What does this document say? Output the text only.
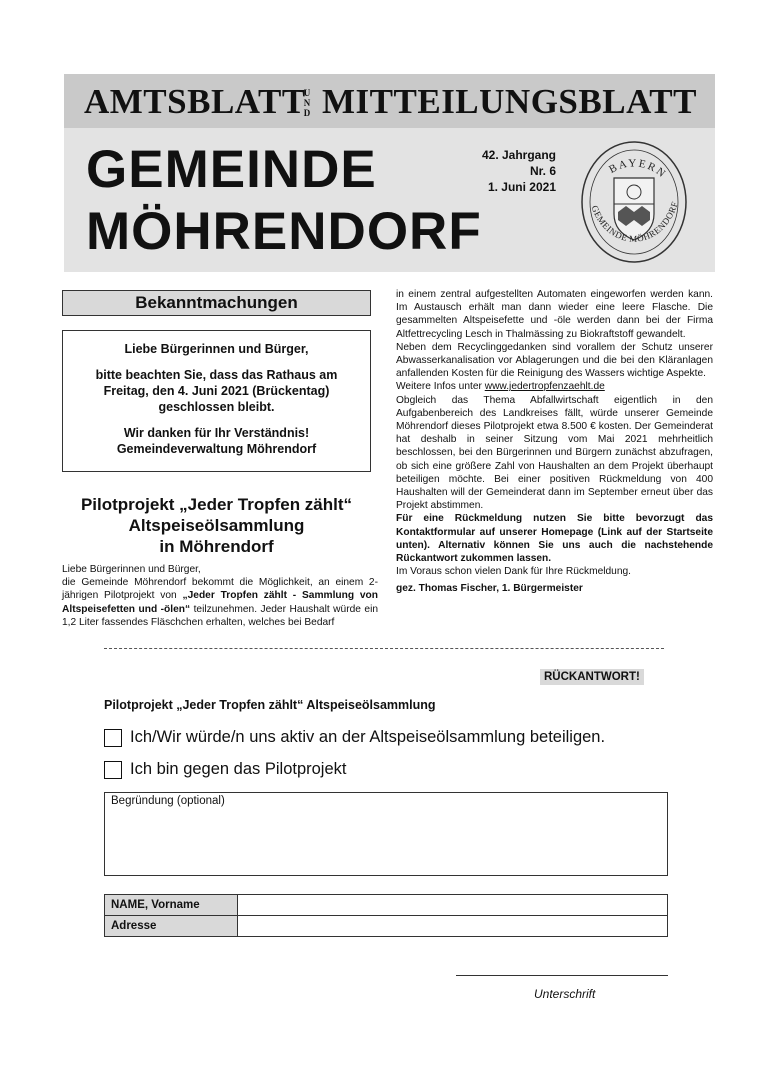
AMTSBLATT
U
N
D MITTEILUNGSBLATT
GEMEINDE
MÖHRENDORF
42. Jahrgang
Nr. 6
1. Juni 2021
BAYERN
GEMEINDE MÖHRENDORF
Bekanntmachungen

Liebe Bürgerinnen und Bürger,

bitte beachten Sie, dass das Rathaus am Freitag, den 4. Juni 2021 (Brückentag) geschlossen bleibt.

Wir danken für Ihr Verständnis!
Gemeindeverwaltung Möhrendorf
Pilotprojekt „Jeder Tropfen zählt“
Altspeiseölsammlung
in Möhrendorf

Liebe Bürgerinnen und Bürger,

die Gemeinde Möhrendorf bekommt die Möglichkeit, an einem 2-jährigen Pilotprojekt von „Jeder Tropfen zählt - Sammlung von Altspeisefetten und -ölen“ teilzunehmen. Jeder Haushalt würde ein 1,2 Liter fassendes Fläschchen erhalten, welches bei Bedarf

in einem zentral aufgestellten Automaten eingeworfen werden kann. Im Austausch erhält man dann wieder eine leere Flasche. Die gesammelten Altspeisefette und -öle werden dann bei der Firma Altfettrecycling Lesch in Thalmässing zu Biokraftstoff gewandelt.

Neben dem Recyclinggedanken sind vorallem der Schutz unserer Abwasserkanalisation vor Ablagerungen und die bei den Kläranlagen anfallenden Kosten für die Reinigung des Wassers wichtige Aspekte.

Weitere Infos unter www.jedertropfenzaehlt.de

Obgleich das Thema Abfallwirtschaft eigentlich in den Aufgabenbereich des Landkreises fällt, würde unserer Gemeinde Möhrendorf dieses Pilotprojekt etwa 8.500 € kosten. Der Gemeinderat hat deshalb in seiner Sitzung vom Mai 2021 mehrheitlich beschlossen, bei den Bürgerinnen und Bürgern zunächst abzufragen, ob sich eine größere Zahl von Haushalten an dem Projekt überhaupt beteiligen möchte. Bei einer positiven Rückmeldung von 400 Haushalten will der Gemeinderat dann im September erneut über das Projekt abstimmen.

Für eine Rückmeldung nutzen Sie bitte bevorzugt das Kontaktformular auf unserer Homepage (Link auf der Startseite unten). Alternativ können Sie uns auch die nachstehende Rückantwort zukommen lassen.

Im Voraus schon vielen Dank für Ihre Rückmeldung.

gez. Thomas Fischer, 1. Bürgermeister

RÜCKANTWORT!
Pilotprojekt „Jeder Tropfen zählt“ Altspeiseölsammlung
Ich/Wir würde/n uns aktiv an der Altspeiseölsammlung beteiligen.
Ich bin gegen das Pilotprojekt
Begründung (optional)
NAME, Vorname	
Adresse	
Unterschrift
